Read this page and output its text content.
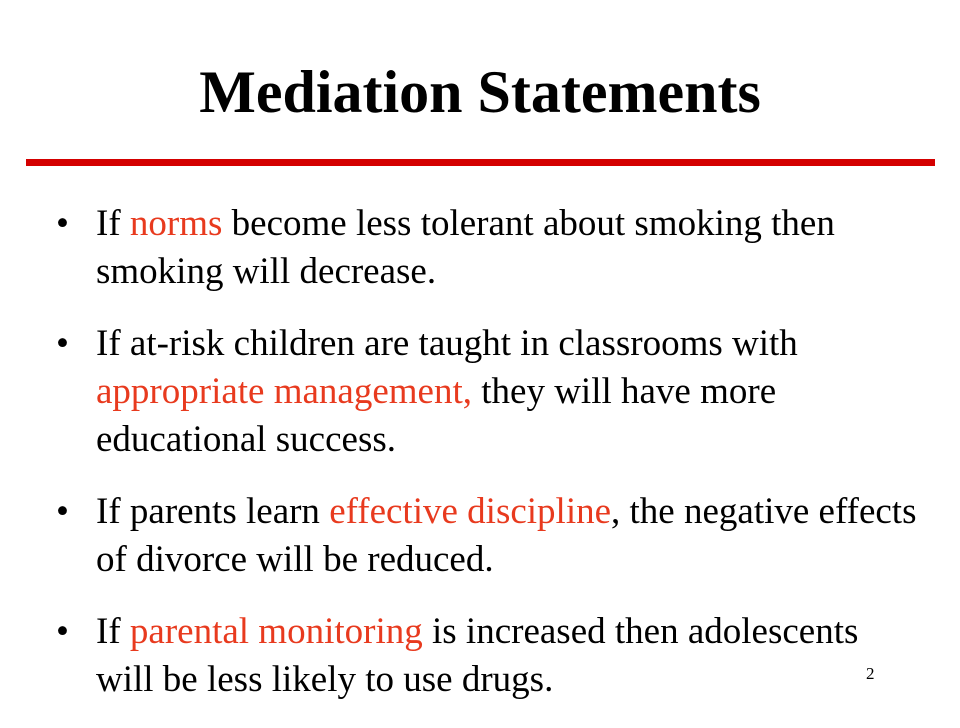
Mediation Statements
• If norms become less tolerant about smoking then smoking will decrease.
• If at-risk children are taught in classrooms with appropriate management, they will have more educational success.
• If parents learn effective discipline, the negative effects of divorce will be reduced.
• If parental monitoring is increased then adolescents will be less likely to use drugs.	2
